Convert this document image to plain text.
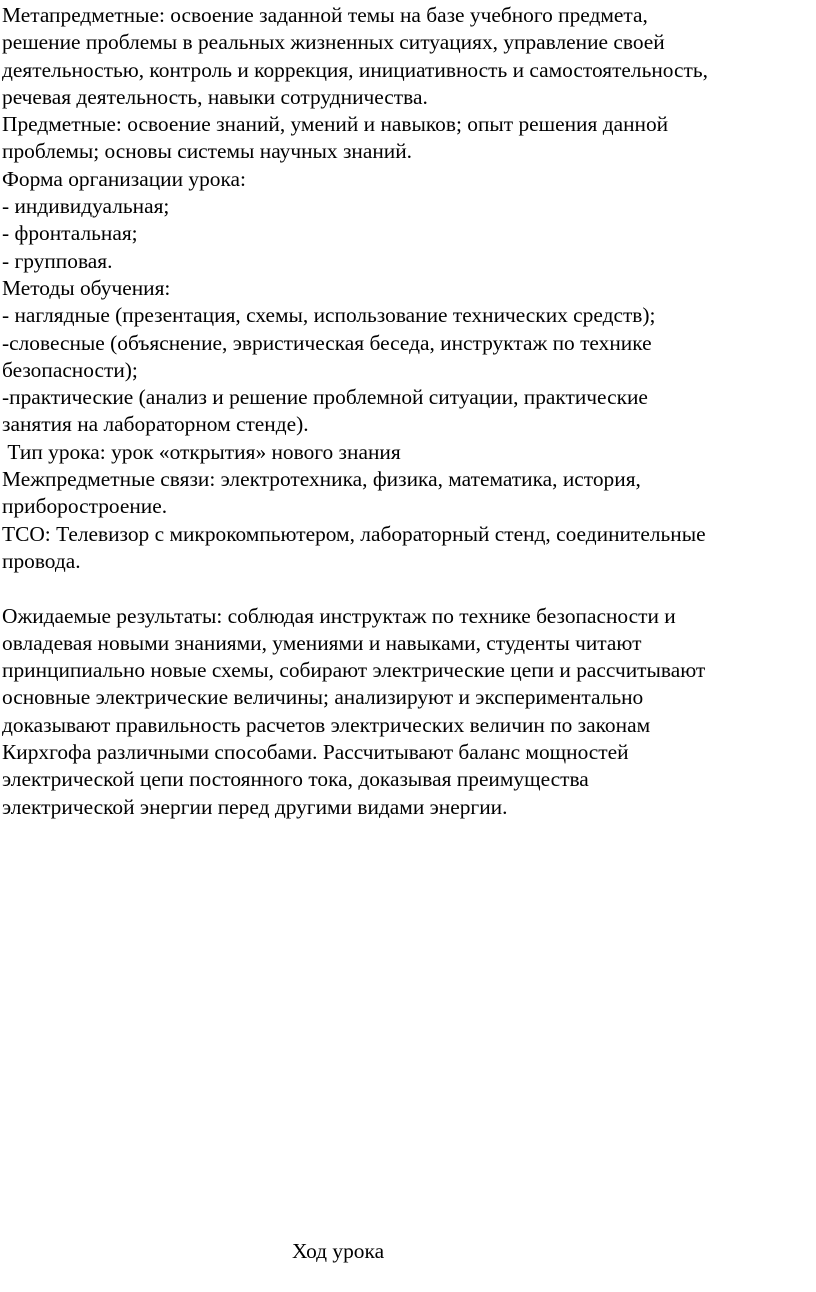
Метапредметные: освоение заданной темы на базе учебного предмета,
решение проблемы в реальных жизненных ситуациях, управление своей
деятельностью, контроль и коррекция, инициативность и самостоятельность,
речевая деятельность, навыки сотрудничества.
Предметные: освоение знаний, умений и навыков; опыт решения данной
проблемы; основы системы научных знаний.
Форма организации урока:
- индивидуальная;
- фронтальная;
- групповая.
Методы обучения:
- наглядные (презентация, схемы, использование технических средств);
-словесные (объяснение, эвристическая беседа, инструктаж по технике
безопасности);
-практические (анализ и решение проблемной ситуации, практические
занятия на лабораторном стенде).
Тип урока: урок «открытия» нового знания
Межпредметные связи: электротехника, физика, математика, история,
приборостроение.
ТСО: Телевизор с микрокомпьютером, лабораторный стенд, соединительные
провода.
Ожидаемые результаты: соблюдая инструктаж по технике безопасности и
овладевая новыми знаниями, умениями и навыками, студенты читают
принципиально новые схемы, собирают электрические цепи и рассчитывают
основные электрические величины; анализируют и экспериментально
доказывают правильность расчетов электрических величин по законам
Кирхгофа различными способами. Рассчитывают баланс мощностей
электрической цепи постоянного тока, доказывая преимущества
электрической энергии перед другими видами энергии.
Ход урока
